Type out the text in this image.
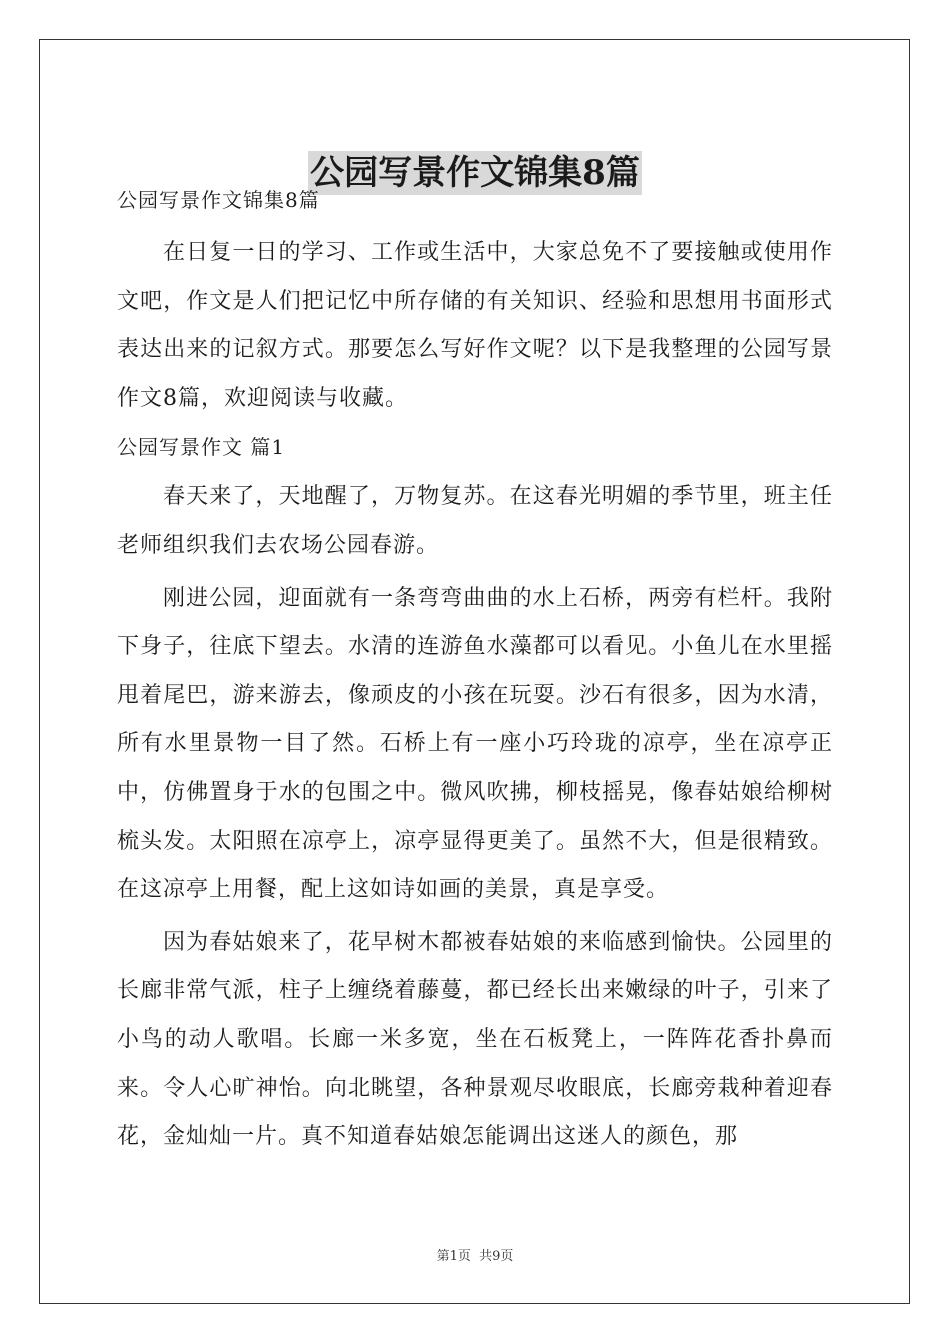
公园写景作文锦集8篇

公园写景作文锦集8篇

在日复一日的学习、工作或生活中，大家总免不了要接触或使用作文吧，作文是人们把记忆中所存储的有关知识、经验和思想用书面形式表达出来的记叙方式。那要怎么写好作文呢？以下是我整理的公园写景作文8篇，欢迎阅读与收藏。

公园写景作文 篇1

春天来了，天地醒了，万物复苏。在这春光明媚的季节里，班主任老师组织我们去农场公园春游。

刚进公园，迎面就有一条弯弯曲曲的水上石桥，两旁有栏杆。我附下身子，往底下望去。水清的连游鱼水藻都可以看见。小鱼儿在水里摇甩着尾巴，游来游去，像顽皮的小孩在玩耍。沙石有很多，因为水清，所有水里景物一目了然。石桥上有一座小巧玲珑的凉亭，坐在凉亭正中，仿佛置身于水的包围之中。微风吹拂，柳枝摇晃，像春姑娘给柳树梳头发。太阳照在凉亭上，凉亭显得更美了。虽然不大，但是很精致。在这凉亭上用餐，配上这如诗如画的美景，真是享受。

因为春姑娘来了，花早树木都被春姑娘的来临感到愉快。公园里的长廊非常气派，柱子上缠绕着藤蔓，都已经长出来嫩绿的叶子，引来了小鸟的动人歌唱。长廊一米多宽，坐在石板凳上，一阵阵花香扑鼻而来。令人心旷神怡。向北眺望，各种景观尽收眼底，长廊旁栽种着迎春花，金灿灿一片。真不知道春姑娘怎能调出这迷人的颜色，那

第1页 共9页
